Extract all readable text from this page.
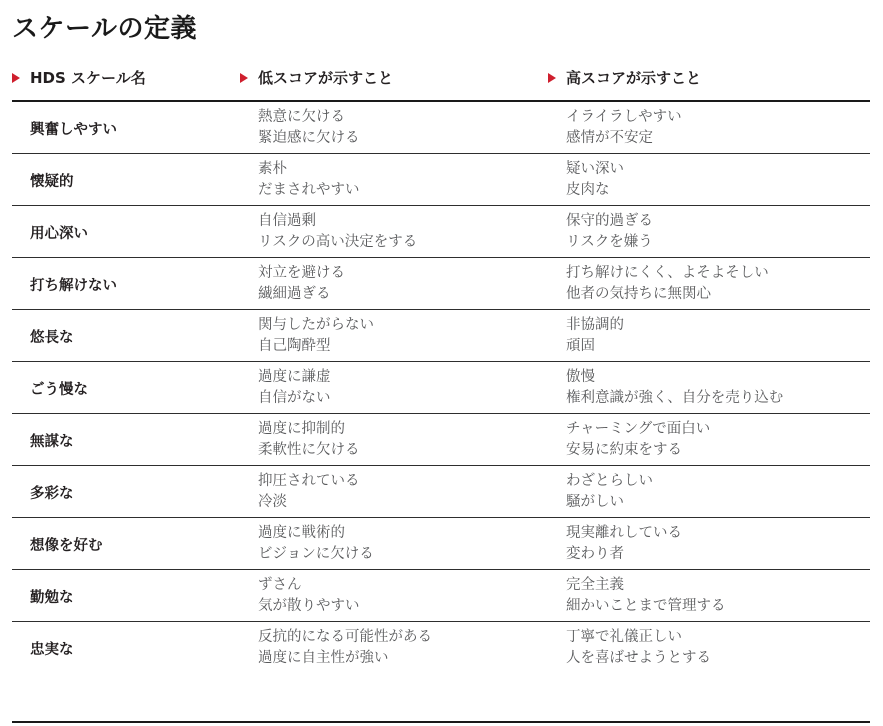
スケールの定義
HDS スケール名	低スコアが示すこと	高スコアが示すこと
興奮しやすい
熱意に欠ける
緊迫感に欠ける
イライラしやすい
感情が不安定
懐疑的
素朴
だまされやすい
疑い深い
皮肉な
用心深い
自信過剰
リスクの高い決定をする
保守的過ぎる
リスクを嫌う
打ち解けない
対立を避ける
繊細過ぎる
打ち解けにくく、よそよそしい
他者の気持ちに無関心
悠長な
関与したがらない
自己陶酔型
非協調的
頑固
ごう慢な
過度に謙虚
自信がない
傲慢
権利意識が強く、自分を売り込む
無謀な
過度に抑制的
柔軟性に欠ける
チャーミングで面白い
安易に約束をする
多彩な
抑圧されている
冷淡
わざとらしい
騒がしい
想像を好む
過度に戦術的
ビジョンに欠ける
現実離れしている
変わり者
勤勉な
ずさん
気が散りやすい
完全主義
細かいことまで管理する
忠実な
反抗的になる可能性がある
過度に自主性が強い
丁寧で礼儀正しい
人を喜ばせようとする
